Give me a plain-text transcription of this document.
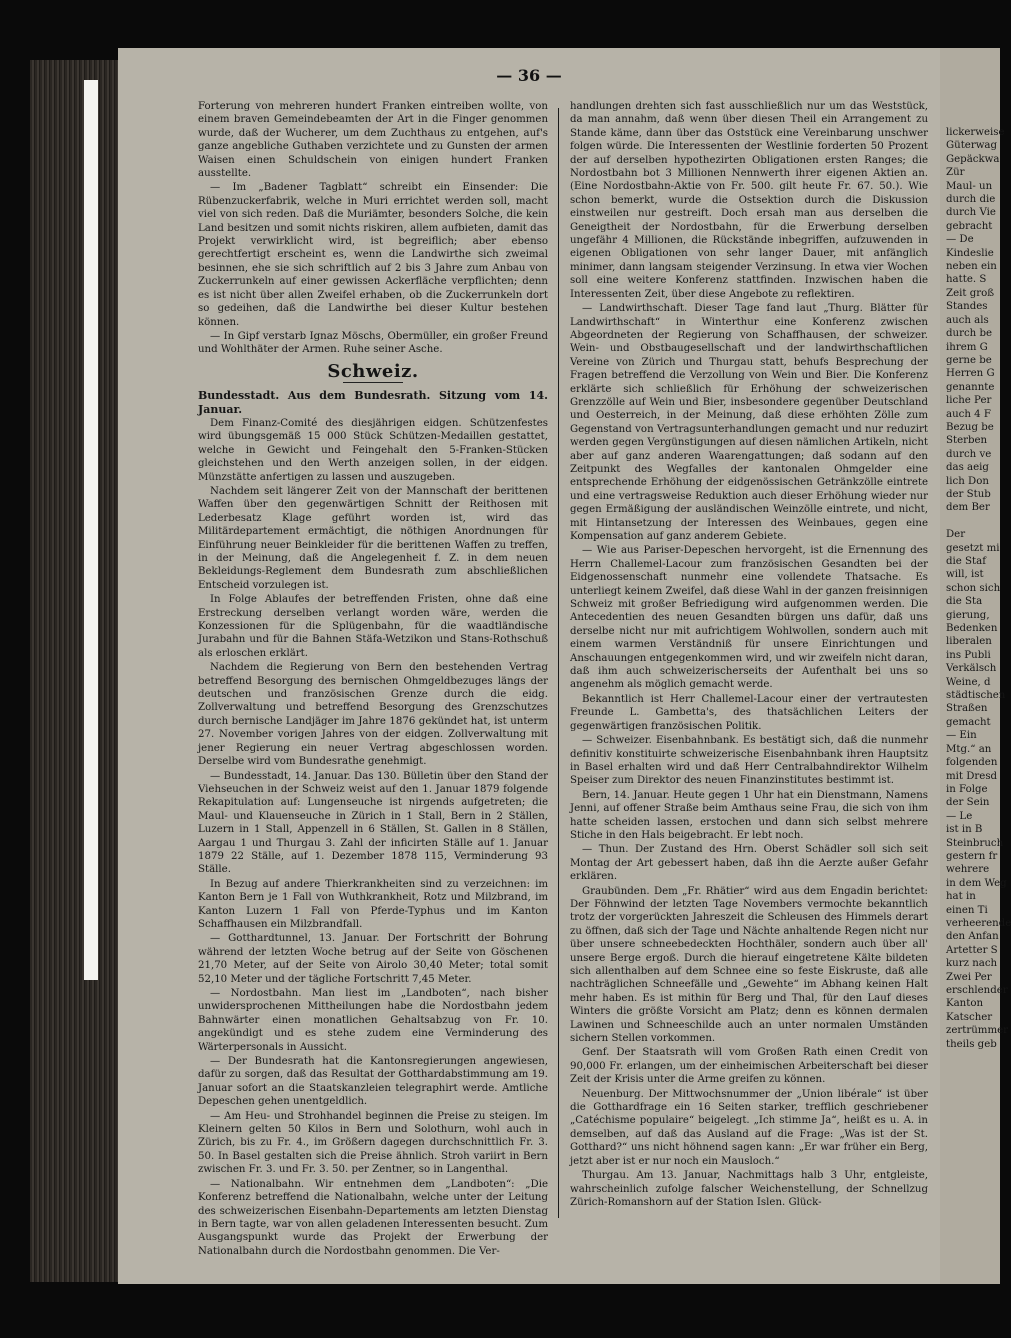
— 36 —

Forterung von mehreren hundert Franken eintreiben wollte, von einem braven Gemeindebeamten der Art in die Finger genommen wurde, daß der Wucherer, um dem Zuchthaus zu entgehen, auf's ganze angebliche Guthaben verzichtete und zu Gunsten der armen Waisen einen Schuldschein von einigen hundert Franken ausstellte.

— Im „Badener Tagblatt“ schreibt ein Einsender: Die Rübenzuckerfabrik, welche in Muri errichtet werden soll, macht viel von sich reden. Daß die Muriämter, besonders Solche, die kein Land besitzen und somit nichts riskiren, allem aufbieten, damit das Projekt verwirklicht wird, ist begreiflich; aber ebenso gerechtfertigt erscheint es, wenn die Landwirthe sich zweimal besinnen, ehe sie sich schriftlich auf 2 bis 3 Jahre zum Anbau von Zuckerrunkeln auf einer gewissen Ackerfläche verpflichten; denn es ist nicht über allen Zweifel erhaben, ob die Zuckerrunkeln dort so gedeihen, daß die Landwirthe bei dieser Kultur bestehen können.

— In Gipf verstarb Ignaz Möschs, Obermüller, ein großer Freund und Wohlthäter der Armen. Ruhe seiner Asche.

Schweiz.

Bundesstadt. Aus dem Bundesrath. Sitzung vom 14. Januar.

Dem Finanz-Comité des diesjährigen eidgen. Schützenfestes wird übungsgemäß 15 000 Stück Schützen-Medaillen gestattet, welche in Gewicht und Feingehalt den 5-Franken-Stücken gleichstehen und den Werth anzeigen sollen, in der eidgen. Münzstätte anfertigen zu lassen und auszugeben.

Nachdem seit längerer Zeit von der Mannschaft der berittenen Waffen über den gegenwärtigen Schnitt der Reithosen mit Lederbesatz Klage geführt worden ist, wird das Militärdepartement ermächtigt, die nöthigen Anordnungen für Einführung neuer Beinkleider für die berittenen Waffen zu treffen, in der Meinung, daß die Angelegenheit f. Z. in dem neuen Bekleidungs-Reglement dem Bundesrath zum abschließlichen Entscheid vorzulegen ist.

In Folge Ablaufes der betreffenden Fristen, ohne daß eine Erstreckung derselben verlangt worden wäre, werden die Konzessionen für die Splügenbahn, für die waadtländische Jurabahn und für die Bahnen Stäfa-Wetzikon und Stans-Rothschuß als erloschen erklärt.

Nachdem die Regierung von Bern den bestehenden Vertrag betreffend Besorgung des bernischen Ohmgeldbezuges längs der deutschen und französischen Grenze durch die eidg. Zollverwaltung und betreffend Besorgung des Grenzschutzes durch bernische Landjäger im Jahre 1876 gekündet hat, ist unterm 27. November vorigen Jahres von der eidgen. Zollverwaltung mit jener Regierung ein neuer Vertrag abgeschlossen worden. Derselbe wird vom Bundesrathe genehmigt.

— Bundesstadt, 14. Januar. Das 130. Bülletin über den Stand der Viehseuchen in der Schweiz weist auf den 1. Januar 1879 folgende Rekapitulation auf: Lungenseuche ist nirgends aufgetreten; die Maul- und Klauenseuche in Zürich in 1 Stall, Bern in 2 Ställen, Luzern in 1 Stall, Appenzell in 6 Ställen, St. Gallen in 8 Ställen, Aargau 1 und Thurgau 3. Zahl der inficirten Ställe auf 1. Januar 1879 22 Ställe, auf 1. Dezember 1878 115, Verminderung 93 Ställe.

In Bezug auf andere Thierkrankheiten sind zu verzeichnen: im Kanton Bern je 1 Fall von Wuthkrankheit, Rotz und Milzbrand, im Kanton Luzern 1 Fall von Pferde-Typhus und im Kanton Schaffhausen ein Milzbrandfall.

— Gotthardtunnel, 13. Januar. Der Fortschritt der Bohrung während der letzten Woche betrug auf der Seite von Göschenen 21,70 Meter, auf der Seite von Airolo 30,40 Meter; total somit 52,10 Meter und der tägliche Fortschritt 7,45 Meter.

— Nordostbahn. Man liest im „Landboten“, nach bisher unwidersprochenen Mittheilungen habe die Nordostbahn jedem Bahnwärter einen monatlichen Gehaltsabzug von Fr. 10. angekündigt und es stehe zudem eine Verminderung des Wärterpersonals in Aussicht.

— Der Bundesrath hat die Kantonsregierungen angewiesen, dafür zu sorgen, daß das Resultat der Gotthardabstimmung am 19. Januar sofort an die Staatskanzleien telegraphirt werde. Amtliche Depeschen gehen unentgeldlich.

— Am Heu- und Strohhandel beginnen die Preise zu steigen. Im Kleinern gelten 50 Kilos in Bern und Solothurn, wohl auch in Zürich, bis zu Fr. 4., im Größern dagegen durchschnittlich Fr. 3. 50. In Basel gestalten sich die Preise ähnlich. Stroh variirt in Bern zwischen Fr. 3. und Fr. 3. 50. per Zentner, so in Langenthal.

— Nationalbahn. Wir entnehmen dem „Landboten“: „Die Konferenz betreffend die Nationalbahn, welche unter der Leitung des schweizerischen Eisenbahn-Departements am letzten Dienstag in Bern tagte, war von allen geladenen Interessenten besucht. Zum Ausgangspunkt wurde das Projekt der Erwerbung der Nationalbahn durch die Nordostbahn genommen. Die Ver-

handlungen drehten sich fast ausschließlich nur um das Weststück, da man annahm, daß wenn über diesen Theil ein Arrangement zu Stande käme, dann über das Oststück eine Vereinbarung unschwer folgen würde. Die Interessenten der Westlinie forderten 50 Prozent der auf derselben hypothezirten Obligationen ersten Ranges; die Nordostbahn bot 3 Millionen Nennwerth ihrer eigenen Aktien an. (Eine Nordostbahn-Aktie von Fr. 500. gilt heute Fr. 67. 50.). Wie schon bemerkt, wurde die Ostsektion durch die Diskussion einstweilen nur gestreift. Doch ersah man aus derselben die Geneigtheit der Nordostbahn, für die Erwerbung derselben ungefähr 4 Millionen, die Rückstände inbegriffen, aufzuwenden in eigenen Obligationen von sehr langer Dauer, mit anfänglich minimer, dann langsam steigender Verzinsung. In etwa vier Wochen soll eine weitere Konferenz stattfinden. Inzwischen haben die Interessenten Zeit, über diese Angebote zu reflektiren.

— Landwirthschaft. Dieser Tage fand laut „Thurg. Blätter für Landwirthschaft“ in Winterthur eine Konferenz zwischen Abgeordneten der Regierung von Schaffhausen, der schweizer. Wein- und Obstbaugesellschaft und der landwirthschaftlichen Vereine von Zürich und Thurgau statt, behufs Besprechung der Fragen betreffend die Verzollung von Wein und Bier. Die Konferenz erklärte sich schließlich für Erhöhung der schweizerischen Grenzzölle auf Wein und Bier, insbesondere gegenüber Deutschland und Oesterreich, in der Meinung, daß diese erhöhten Zölle zum Gegenstand von Vertragsunterhandlungen gemacht und nur reduzirt werden gegen Vergünstigungen auf diesen nämlichen Artikeln, nicht aber auf ganz anderen Waarengattungen; daß sodann auf den Zeitpunkt des Wegfalles der kantonalen Ohmgelder eine entsprechende Erhöhung der eidgenössischen Getränkzölle eintrete und eine vertragsweise Reduktion auch dieser Erhöhung wieder nur gegen Ermäßigung der ausländischen Weinzölle eintrete, und nicht, mit Hintansetzung der Interessen des Weinbaues, gegen eine Kompensation auf ganz anderem Gebiete.

— Wie aus Pariser-Depeschen hervorgeht, ist die Ernennung des Herrn Challemel-Lacour zum französischen Gesandten bei der Eidgenossenschaft nunmehr eine vollendete Thatsache. Es unterliegt keinem Zweifel, daß diese Wahl in der ganzen freisinnigen Schweiz mit großer Befriedigung wird aufgenommen werden. Die Antecedentien des neuen Gesandten bürgen uns dafür, daß uns derselbe nicht nur mit aufrichtigem Wohlwollen, sondern auch mit einem warmen Verständniß für unsere Einrichtungen und Anschauungen entgegenkommen wird, und wir zweifeln nicht daran, daß ihm auch schweizerischerseits der Aufenthalt bei uns so angenehm als möglich gemacht werde.

Bekanntlich ist Herr Challemel-Lacour einer der vertrautesten Freunde L. Gambetta's, des thatsächlichen Leiters der gegenwärtigen französischen Politik.

— Schweizer. Eisenbahnbank. Es bestätigt sich, daß die nunmehr definitiv konstituirte schweizerische Eisenbahnbank ihren Hauptsitz in Basel erhalten wird und daß Herr Centralbahndirektor Wilhelm Speiser zum Direktor des neuen Finanzinstitutes bestimmt ist.

Bern, 14. Januar. Heute gegen 1 Uhr hat ein Dienstmann, Namens Jenni, auf offener Straße beim Amthaus seine Frau, die sich von ihm hatte scheiden lassen, erstochen und dann sich selbst mehrere Stiche in den Hals beigebracht. Er lebt noch.

— Thun. Der Zustand des Hrn. Oberst Schädler soll sich seit Montag der Art gebessert haben, daß ihn die Aerzte außer Gefahr erklären.

Graubünden. Dem „Fr. Rhätier“ wird aus dem Engadin berichtet: Der Föhnwind der letzten Tage Novembers vermochte bekanntlich trotz der vorgerückten Jahreszeit die Schleusen des Himmels derart zu öffnen, daß sich der Tage und Nächte anhaltende Regen nicht nur über unsere schneebedeckten Hochthäler, sondern auch über all' unsere Berge ergoß. Durch die hierauf eingetretene Kälte bildeten sich allenthalben auf dem Schnee eine so feste Eiskruste, daß alle nachträglichen Schneefälle und „Gewehte“ im Abhang keinen Halt mehr haben. Es ist mithin für Berg und Thal, für den Lauf dieses Winters die größte Vorsicht am Platz; denn es können dermalen Lawinen und Schneeschilde auch an unter normalen Umständen sichern Stellen vorkommen.

Genf. Der Staatsrath will vom Großen Rath einen Credit von 90,000 Fr. erlangen, um der einheimischen Arbeiterschaft bei dieser Zeit der Krisis unter die Arme greifen zu können.

Neuenburg. Der Mittwochsnummer der „Union libérale“ ist über die Gotthardfrage ein 16 Seiten starker, trefflich geschriebener „Catéchisme populaire“ beigelegt. „Ich stimme Ja“, heißt es u. A. in demselben, auf daß das Ausland auf die Frage: „Was ist der St. Gotthard?“ uns nicht höhnend sagen kann: „Er war früher ein Berg, jetzt aber ist er nur noch ein Mausloch.“

Thurgau. Am 13. Januar, Nachmittags halb 3 Uhr, entgleiste, wahrscheinlich zufolge falscher Weichenstellung, der Schnellzug Zürich-Romanshorn auf der Station Islen. Glück-

lickerweise
Güterwag
Gepäckwa
Zür
Maul- un
durch die
durch Vie
gebracht
— De
Kindeslie
neben ein
hatte. S
Zeit groß
Standes
auch als
durch be
ihrem G
gerne be
Herren G
genannte
liche Per
auch 4 F
Bezug be
Sterben
durch ve
das aeig
lich Don
der Stub
dem Ber

Der
gesetzt mi
die Staf
will, ist
schon sich
die Sta
gierung,
Bedenken
liberalen
ins Publi
Verkälsch
Weine, d
städtischen
Straßen
gemacht
— Ein
Mtg.“ an
folgenden
mit Dresd
in Folge
der Sein
— Le
ist in B
Steinbruch
gestern fr
wehrere
in dem Weg
hat in
einen Ti
verheerende
den Anfan
Artetter S
kurz nach
Zwei Per
erschlender
Kanton
Katscher
zertrümmer
theils geb
